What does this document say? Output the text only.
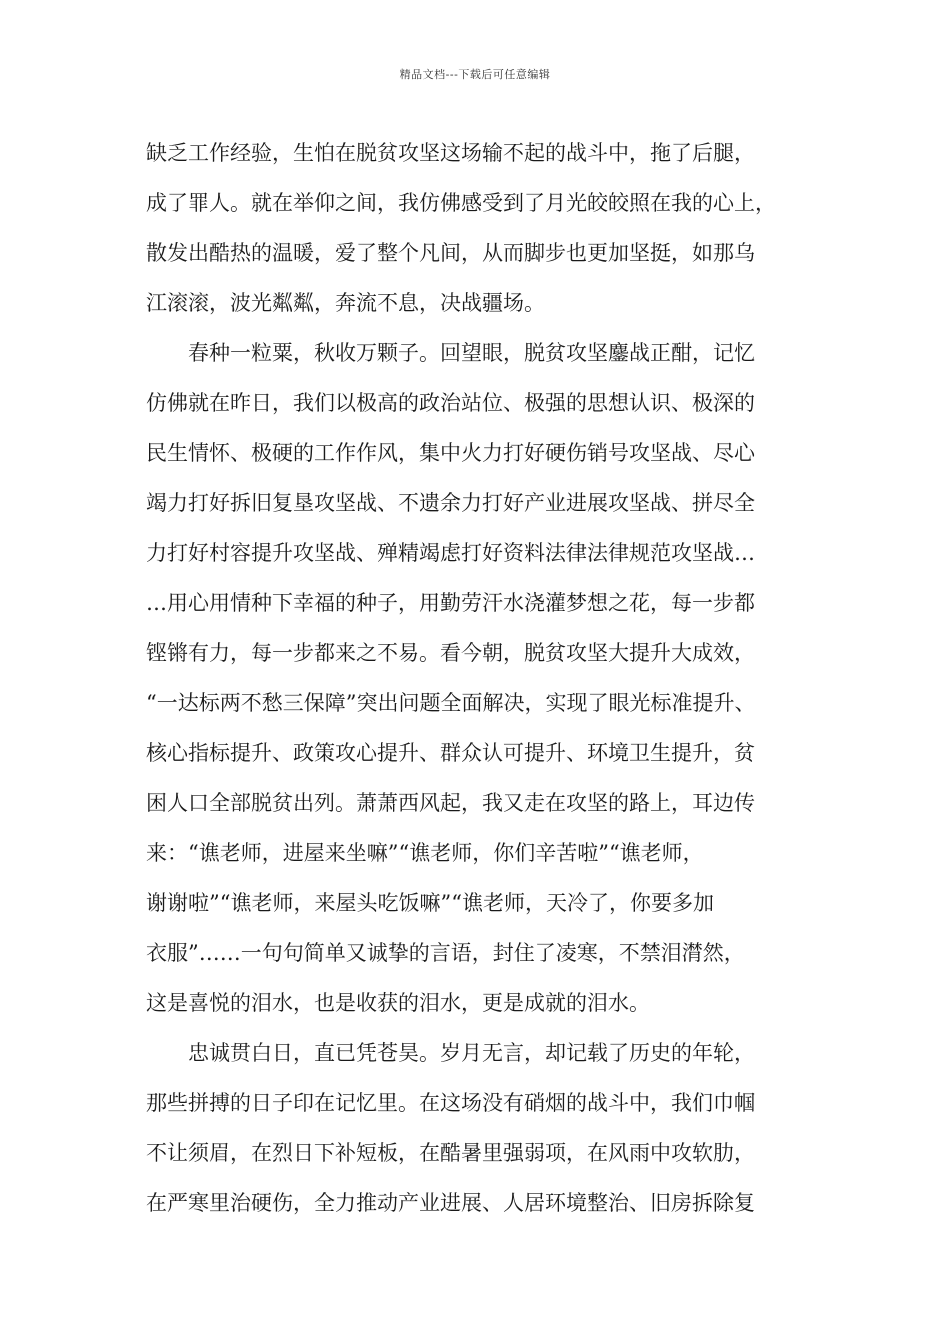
精品文档---下载后可任意编辑
缺乏工作经验，生怕在脱贫攻坚这场输不起的战斗中，拖了后腿，
成了罪人。就在举仰之间，我仿佛感受到了月光皎皎照在我的心上，
散发出酷热的温暖，爱了整个凡间，从而脚步也更加坚挺，如那乌
江滚滚，波光粼粼，奔流不息，决战疆场。
　　春种一粒粟，秋收万颗子。回望眼，脱贫攻坚鏖战正酣，记忆
仿佛就在昨日，我们以极高的政治站位、极强的思想认识、极深的
民生情怀、极硬的工作作风，集中火力打好硬伤销号攻坚战、尽心
竭力打好拆旧复垦攻坚战、不遗余力打好产业进展攻坚战、拼尽全
力打好村容提升攻坚战、殚精竭虑打好资料法律法律规范攻坚战…
…用心用情种下幸福的种子，用勤劳汗水浇灌梦想之花，每一步都
铿锵有力，每一步都来之不易。看今朝，脱贫攻坚大提升大成效，
“一达标两不愁三保障”突出问题全面解决，实现了眼光标准提升、
核心指标提升、政策攻心提升、群众认可提升、环境卫生提升，贫
困人口全部脱贫出列。萧萧西风起，我又走在攻坚的路上，耳边传
来：“谯老师，进屋来坐嘛”“谯老师，你们辛苦啦”“谯老师，
谢谢啦”“谯老师，来屋头吃饭嘛”“谯老师，天冷了，你要多加
衣服”……一句句简单又诚挚的言语，封住了凌寒，不禁泪潸然，
这是喜悦的泪水，也是收获的泪水，更是成就的泪水。
　　忠诚贯白日，直已凭苍昊。岁月无言，却记载了历史的年轮，
那些拼搏的日子印在记忆里。在这场没有硝烟的战斗中，我们巾帼
不让须眉，在烈日下补短板，在酷暑里强弱项，在风雨中攻软肋，
在严寒里治硬伤，全力推动产业进展、人居环境整治、旧房拆除复
